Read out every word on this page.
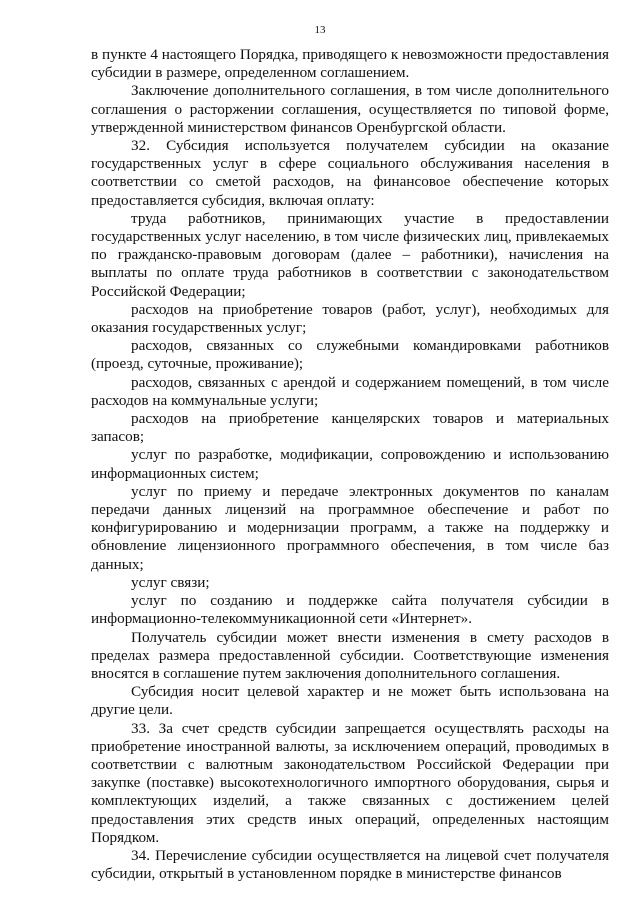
13

в пункте 4 настоящего Порядка, приводящего к невозможности предоставления субсидии в размере, определенном соглашением.

Заключение дополнительного соглашения, в том числе дополнительного соглашения о расторжении соглашения, осуществляется по типовой форме, утвержденной министерством финансов Оренбургской области.

32. Субсидия используется получателем субсидии на оказание государственных услуг в сфере социального обслуживания населения в соответствии со сметой расходов, на финансовое обеспечение которых предоставляется субсидия, включая оплату:

труда работников, принимающих участие в предоставлении государственных услуг населению, в том числе физических лиц, привлекаемых по гражданско-правовым договорам (далее – работники), начисления на выплаты по оплате труда работников в соответствии с законодательством Российской Федерации;

расходов на приобретение товаров (работ, услуг), необходимых для оказания государственных услуг;

расходов, связанных со служебными командировками работников (проезд, суточные, проживание);

расходов, связанных с арендой и содержанием помещений, в том числе расходов на коммунальные услуги;

расходов на приобретение канцелярских товаров и материальных запасов;

услуг по разработке, модификации, сопровождению и использованию информационных систем;

услуг по приему и передаче электронных документов по каналам передачи данных лицензий на программное обеспечение и работ по конфигурированию и модернизации программ, а также на поддержку и обновление лицензионного программного обеспечения, в том числе баз данных;

услуг связи;

услуг по созданию и поддержке сайта получателя субсидии в информационно-телекоммуникационной сети «Интернет».

Получатель субсидии может внести изменения в смету расходов в пределах размера предоставленной субсидии. Соответствующие изменения вносятся в соглашение путем заключения дополнительного соглашения.

Субсидия носит целевой характер и не может быть использована на другие цели.

33. За счет средств субсидии запрещается осуществлять расходы на приобретение иностранной валюты, за исключением операций, проводимых в соответствии с валютным законодательством Российской Федерации при закупке (поставке) высокотехнологичного импортного оборудования, сырья и комплектующих изделий, а также связанных с достижением целей предоставления этих средств иных операций, определенных настоящим Порядком.

34. Перечисление субсидии осуществляется на лицевой счет получателя субсидии, открытый в установленном порядке в министерстве финансов
